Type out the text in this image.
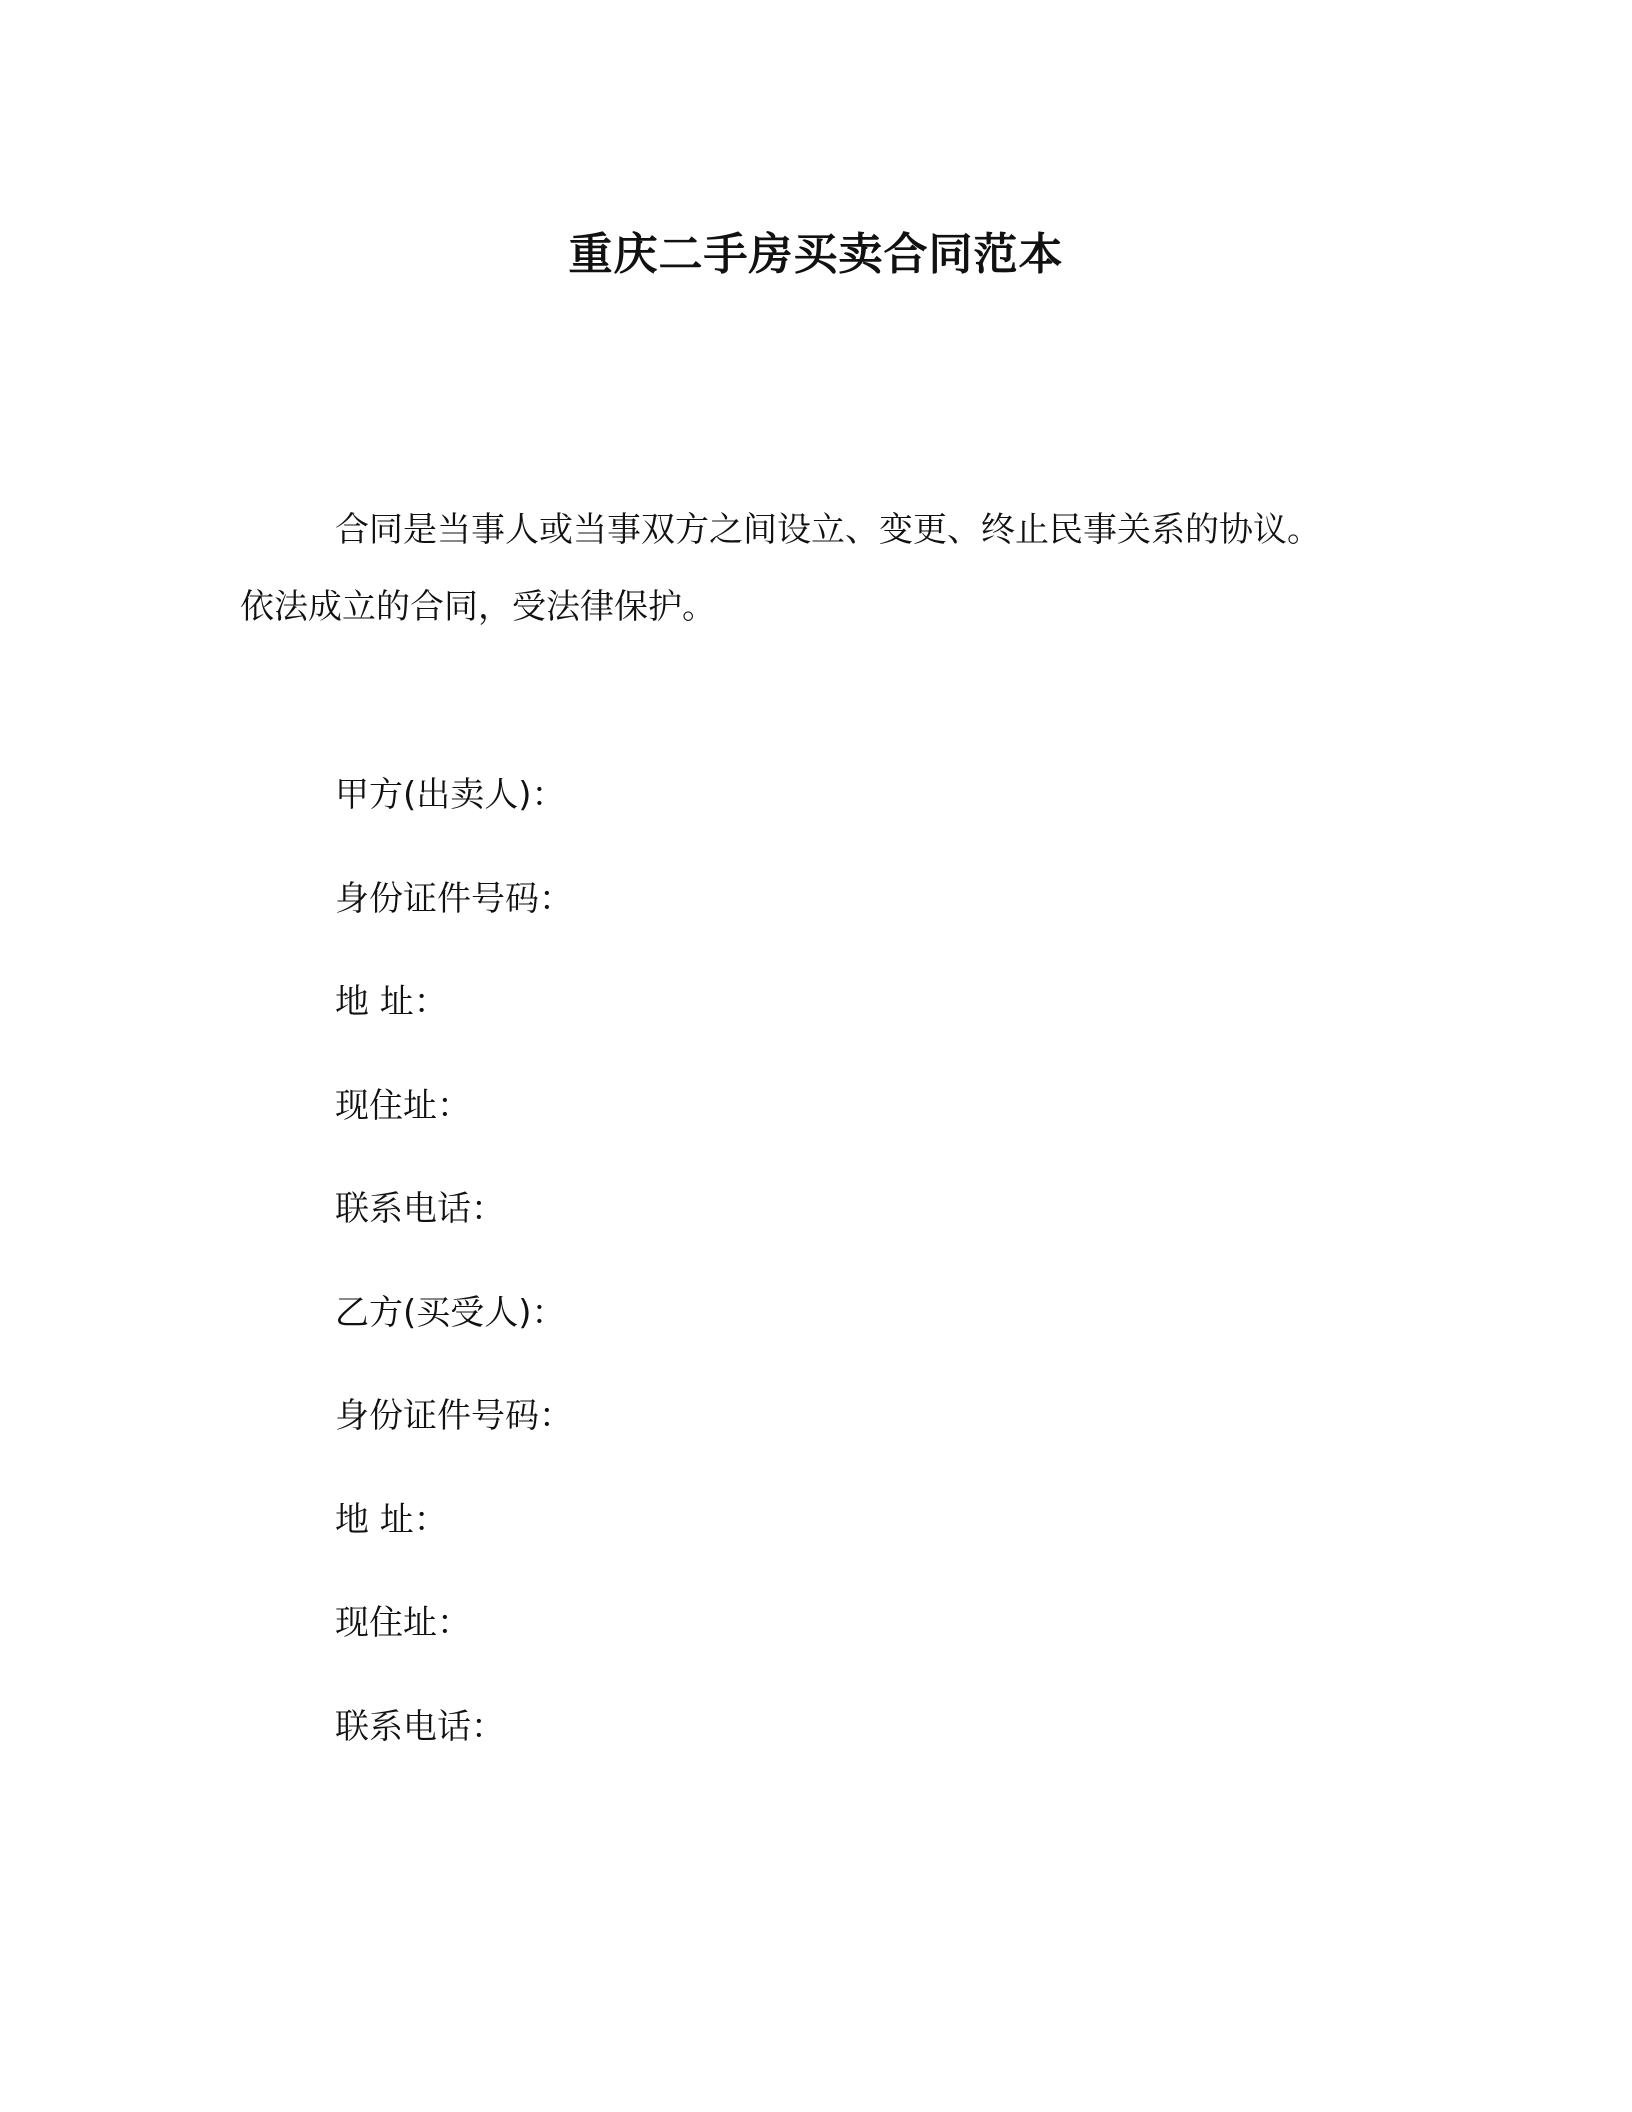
重庆二手房买卖合同范本

合同是当事人或当事双方之间设立、变更、终止民事关系的协议。

依法成立的合同，受法律保护。

甲方(出卖人)：
身份证件号码：
地 址：
现住址：
联系电话：
乙方(买受人)：
身份证件号码：
地 址：
现住址：
联系电话：
